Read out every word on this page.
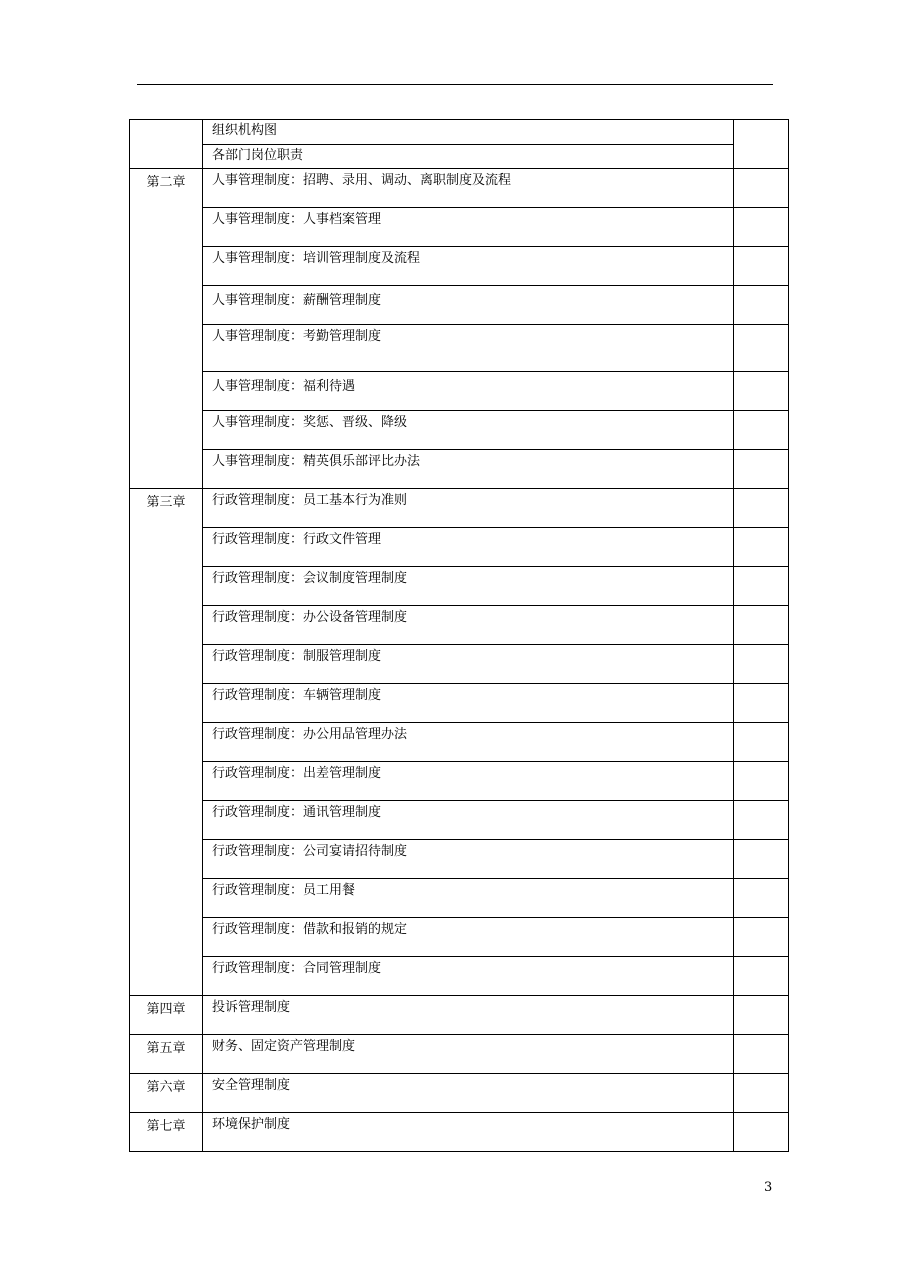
	组织机构图	
	各部门岗位职责	
第二章	人事管理制度：招聘、录用、调动、离职制度及流程	
	人事管理制度：人事档案管理	
	人事管理制度：培训管理制度及流程	
	人事管理制度：薪酬管理制度	
	人事管理制度：考勤管理制度	
	人事管理制度：福利待遇	
	人事管理制度：奖惩、晋级、降级	
	人事管理制度：精英俱乐部评比办法	
第三章	行政管理制度：员工基本行为准则	
	行政管理制度：行政文件管理	
	行政管理制度：会议制度管理制度	
	行政管理制度：办公设备管理制度	
	行政管理制度：制服管理制度	
	行政管理制度：车辆管理制度	
	行政管理制度：办公用品管理办法	
	行政管理制度：出差管理制度	
	行政管理制度：通讯管理制度	
	行政管理制度：公司宴请招待制度	
	行政管理制度：员工用餐	
	行政管理制度：借款和报销的规定	
	行政管理制度：合同管理制度	
第四章	投诉管理制度	
第五章	财务、固定资产管理制度	
第六章	安全管理制度	
第七章	环境保护制度	
3
